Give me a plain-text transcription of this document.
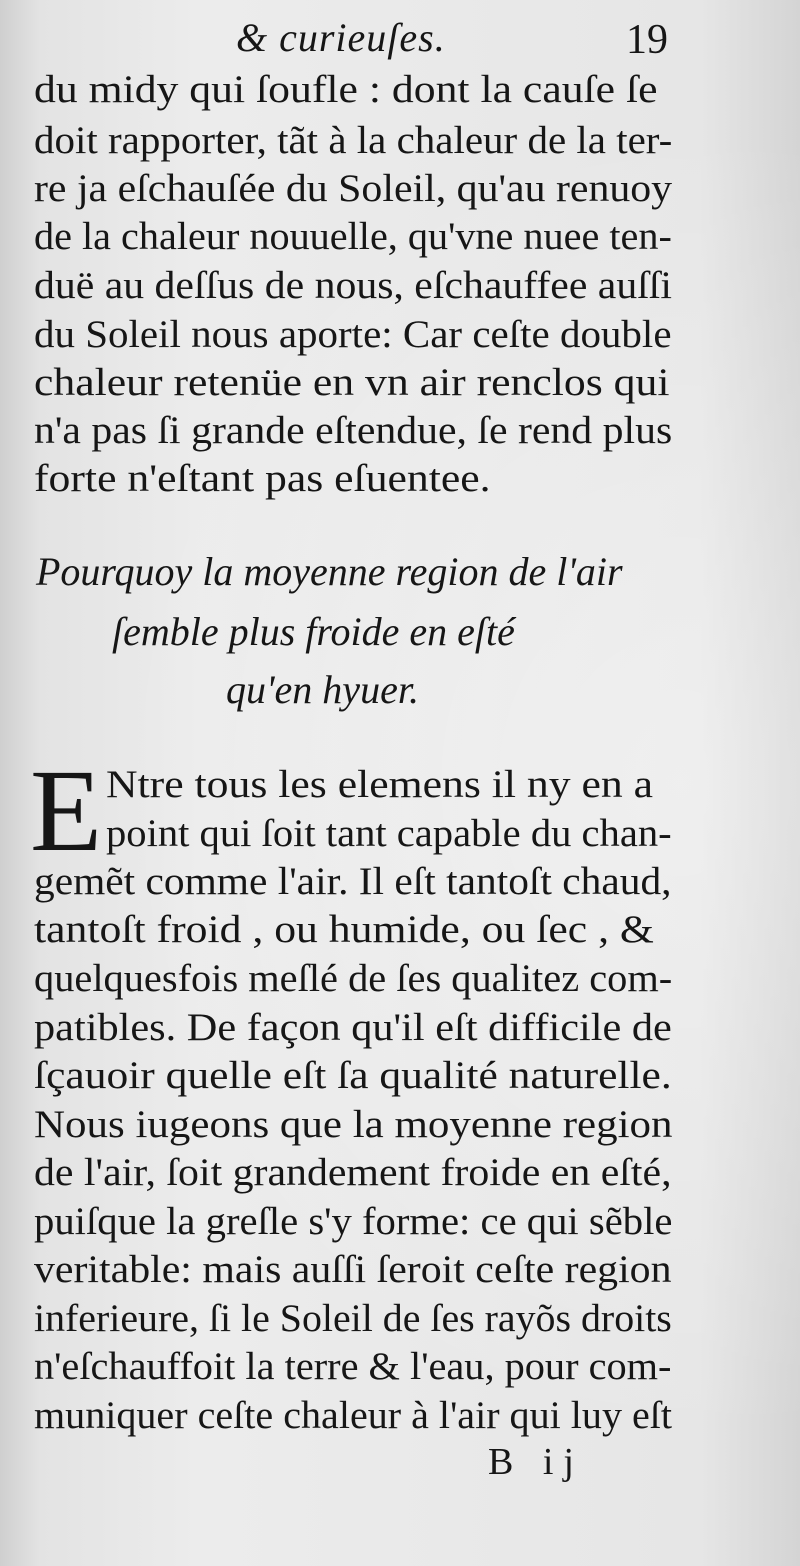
& curieuſes.	19
du midy qui ſoufle : dont la cauſe ſe
doit rapporter, tãt à la chaleur de la ter-
re ja eſchauſée du Soleil, qu'au renuoy
de la chaleur nouuelle, qu'vne nuee ten-
duë au deſſus de nous, eſchauffee auſſi
du Soleil nous aporte: Car ceſte double
chaleur retenüe en vn air renclos qui
n'a pas ſi grande eſtendue, ſe rend plus
forte n'eſtant pas eſuentee.
Pourquoy la moyenne region de l'air
ſemble plus froide en eſté
qu'en hyuer.
E Ntre tous les elemens il ny en a
point qui ſoit tant capable du chan-
gemẽt comme l'air. Il eſt tantoſt chaud,
tantoſt froid , ou humide, ou ſec , &
quelquesfois meſlé de ſes qualitez com-
patibles. De façon qu'il eſt difficile de
ſçauoir quelle eſt ſa qualité naturelle.
Nous iugeons que la moyenne region
de l'air, ſoit grandement froide en eſté,
puiſque la greſle s'y forme: ce qui sẽble
veritable: mais auſſi ſeroit ceſte region
inferieure, ſi le Soleil de ſes rayõs droits
n'eſchauffoit la terre & l'eau, pour com-
muniquer ceſte chaleur à l'air qui luy eſt
B ij
